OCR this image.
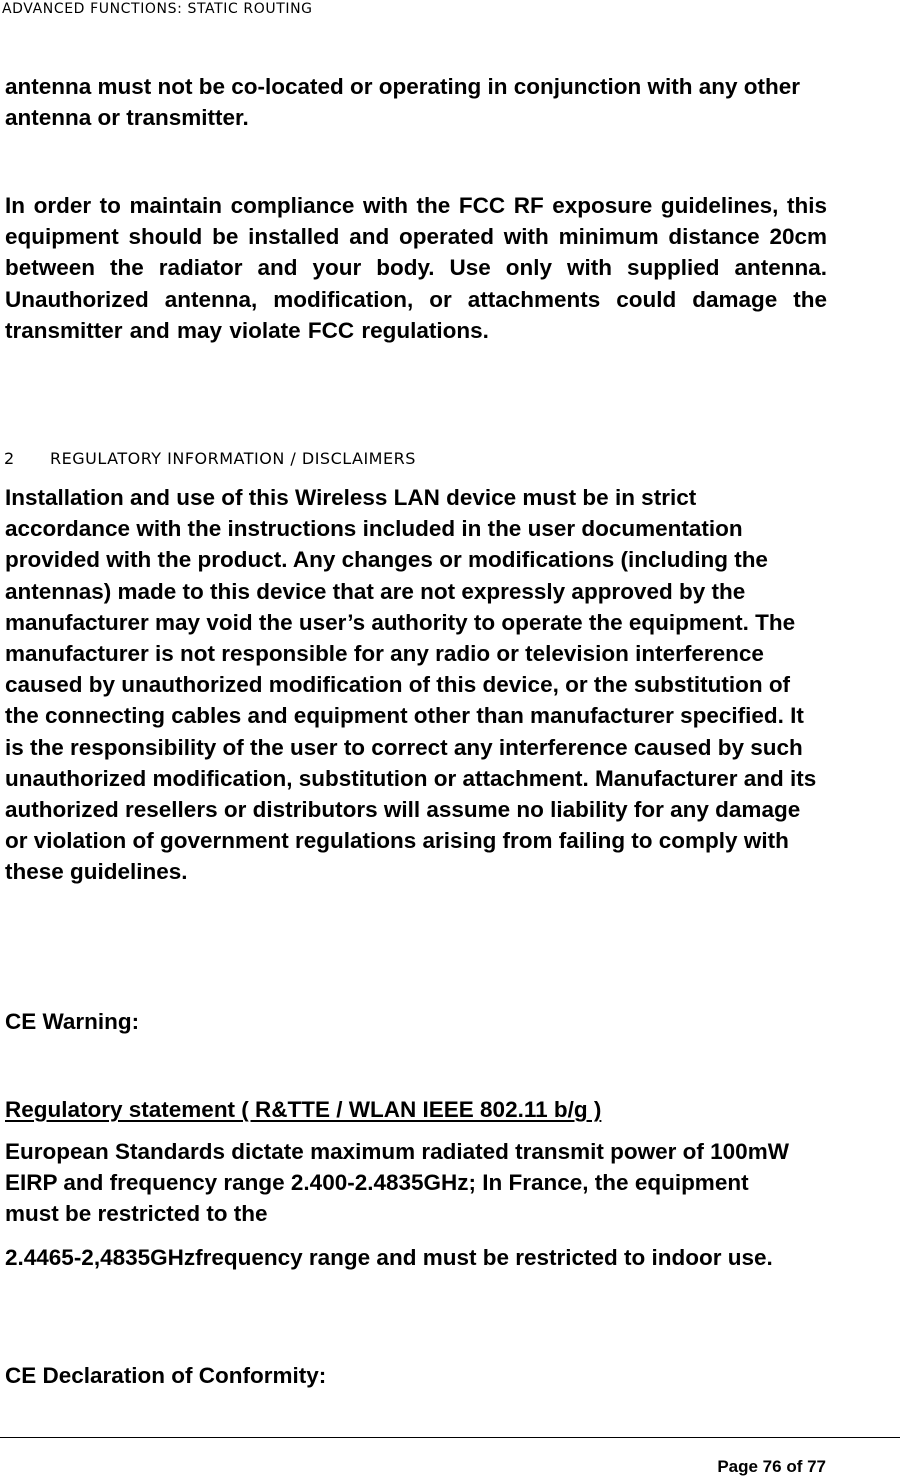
ADVANCED FUNCTIONS: STATIC ROUTING

antenna must not be co-located or operating in conjunction with any other antenna or transmitter.

In order to maintain compliance with the FCC RF exposure guidelines, this equipment should be installed and operated with minimum distance 20cm between the radiator and your body. Use only with supplied antenna. Unauthorized antenna, modification, or attachments could damage the transmitter and may violate FCC regulations.

2 REGULATORY INFORMATION / DISCLAIMERS

Installation and use of this Wireless LAN device must be in strict accordance with the instructions included in the user documentation provided with the product. Any changes or modifications (including the antennas) made to this device that are not expressly approved by the manufacturer may void the user’s authority to operate the equipment. The manufacturer is not responsible for any radio or television interference caused by unauthorized modification of this device, or the substitution of the connecting cables and equipment other than manufacturer specified. It is the responsibility of the user to correct any interference caused by such unauthorized modification, substitution or attachment. Manufacturer and its authorized resellers or distributors will assume no liability for any damage or violation of government regulations arising from failing to comply with these guidelines.

CE Warning:

Regulatory statement ( R&TTE / WLAN IEEE 802.11 b/g )

European Standards dictate maximum radiated transmit power of 100mW EIRP and frequency range 2.400-2.4835GHz; In France, the equipment must be restricted to the

2.4465-2,4835GHzfrequency range and must be restricted to indoor use.

CE Declaration of Conformity:

Page 76 of 77
